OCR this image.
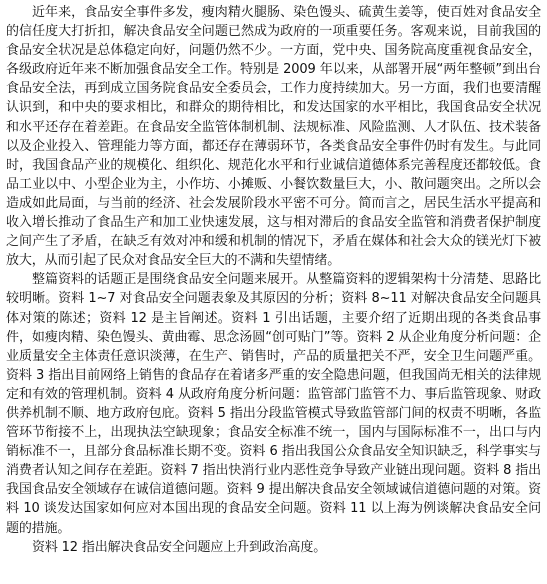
近年来，食品安全事件多发，瘦肉精火腿肠、染色馒头、硫黄生姜等，使百姓对食品安全的信任度大打折扣，解决食品安全问题已然成为政府的一项重要任务。客观来说，目前我国的食品安全状况是总体稳定向好，问题仍然不少。一方面，党中央、国务院高度重视食品安全，各级政府近年来不断加强食品安全工作。特别是 2009 年以来，从部署开展“两年整顿”到出台食品安全法，再到成立国务院食品安全委员会，工作力度持续加大。另一方面，我们也要清醒认识到，和中央的要求相比，和群众的期待相比，和发达国家的水平相比，我国食品安全状况和水平还存在着差距。在食品安全监管体制机制、法规标准、风险监测、人才队伍、技术装备以及企业投入、管理能力等方面，都还存在薄弱环节，各类食品安全事件仍时有发生。与此同时，我国食品产业的规模化、组织化、规范化水平和行业诚信道德体系完善程度还都较低。食品工业以中、小型企业为主，小作坊、小摊贩、小餐饮数量巨大，小、散问题突出。之所以会造成如此局面，与当前的经济、社会发展阶段水平密不可分。简而言之，居民生活水平提高和收入增长推动了食品生产和加工业快速发展，这与相对滞后的食品安全监管和消费者保护制度之间产生了矛盾，在缺乏有效对冲和缓和机制的情况下，矛盾在媒体和社会大众的镁光灯下被放大，从而引起了民众对食品安全巨大的不满和失望情绪。

整篇资料的话题正是围绕食品安全问题来展开。从整篇资料的逻辑架构十分清楚、思路比较明晰。资料 1~7 对食品安全问题表象及其原因的分析；资料 8~11 对解决食品安全问题具体对策的陈述；资料 12 是主旨阐述。资料 1 引出话题，主要介绍了近期出现的各类食品事件，如瘦肉精、染色馒头、黄曲霉、思念汤圆“创可贴门”等。资料 2 从企业角度分析问题：企业质量安全主体责任意识淡薄，在生产、销售时，产品的质量把关不严，安全卫生问题严重。资料 3 指出目前网络上销售的食品存在着诸多严重的安全隐患问题，但我国尚无相关的法律规定和有效的管理机制。资料 4 从政府角度分析问题：监管部门监管不力、事后监管现象、财政供养机制不顺、地方政府包庇。资料 5 指出分段监管模式导致监管部门间的权责不明晰，各监管环节衔接不上，出现执法空缺现象；食品安全标准不统一，国内与国际标准不一，出口与内销标准不一，且部分食品标准长期不变。资料 6 指出我国公众食品安全知识缺乏，科学事实与消费者认知之间存在差距。资料 7 指出快消行业内恶性竞争导致产业链出现问题。资料 8 指出我国食品安全领域存在诚信道德问题。资料 9 提出解决食品安全领域诚信道德问题的对策。资料 10 谈发达国家如何应对本国出现的食品安全问题。资料 11 以上海为例谈解决食品安全问题的措施。

资料 12 指出解决食品安全问题应上升到政治高度。
